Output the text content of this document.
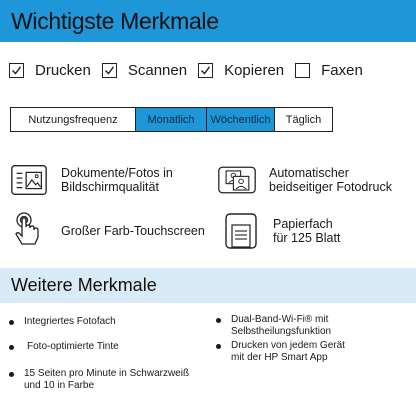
Wichtigste Merkmale
Drucken Scannen Kopieren Faxen
Nutzungsfrequenz	Monatlich	Wöchentlich	Täglich
Dokumente/Fotos in
Bildschirmqualität
Automatischer
beidseitiger Fotodruck
Großer Farb-Touchscreen	Papierfach
für 125 Blatt
Weitere Merkmale
Integriertes Fotofach
Foto-optimierte Tinte
15 Seiten pro Minute in Schwarzweiß
und 10 in Farbe
Dual-Band-Wi-Fi® mit
Selbstheilungsfunktion
Drucken von jedem Gerät
mit der HP Smart App
